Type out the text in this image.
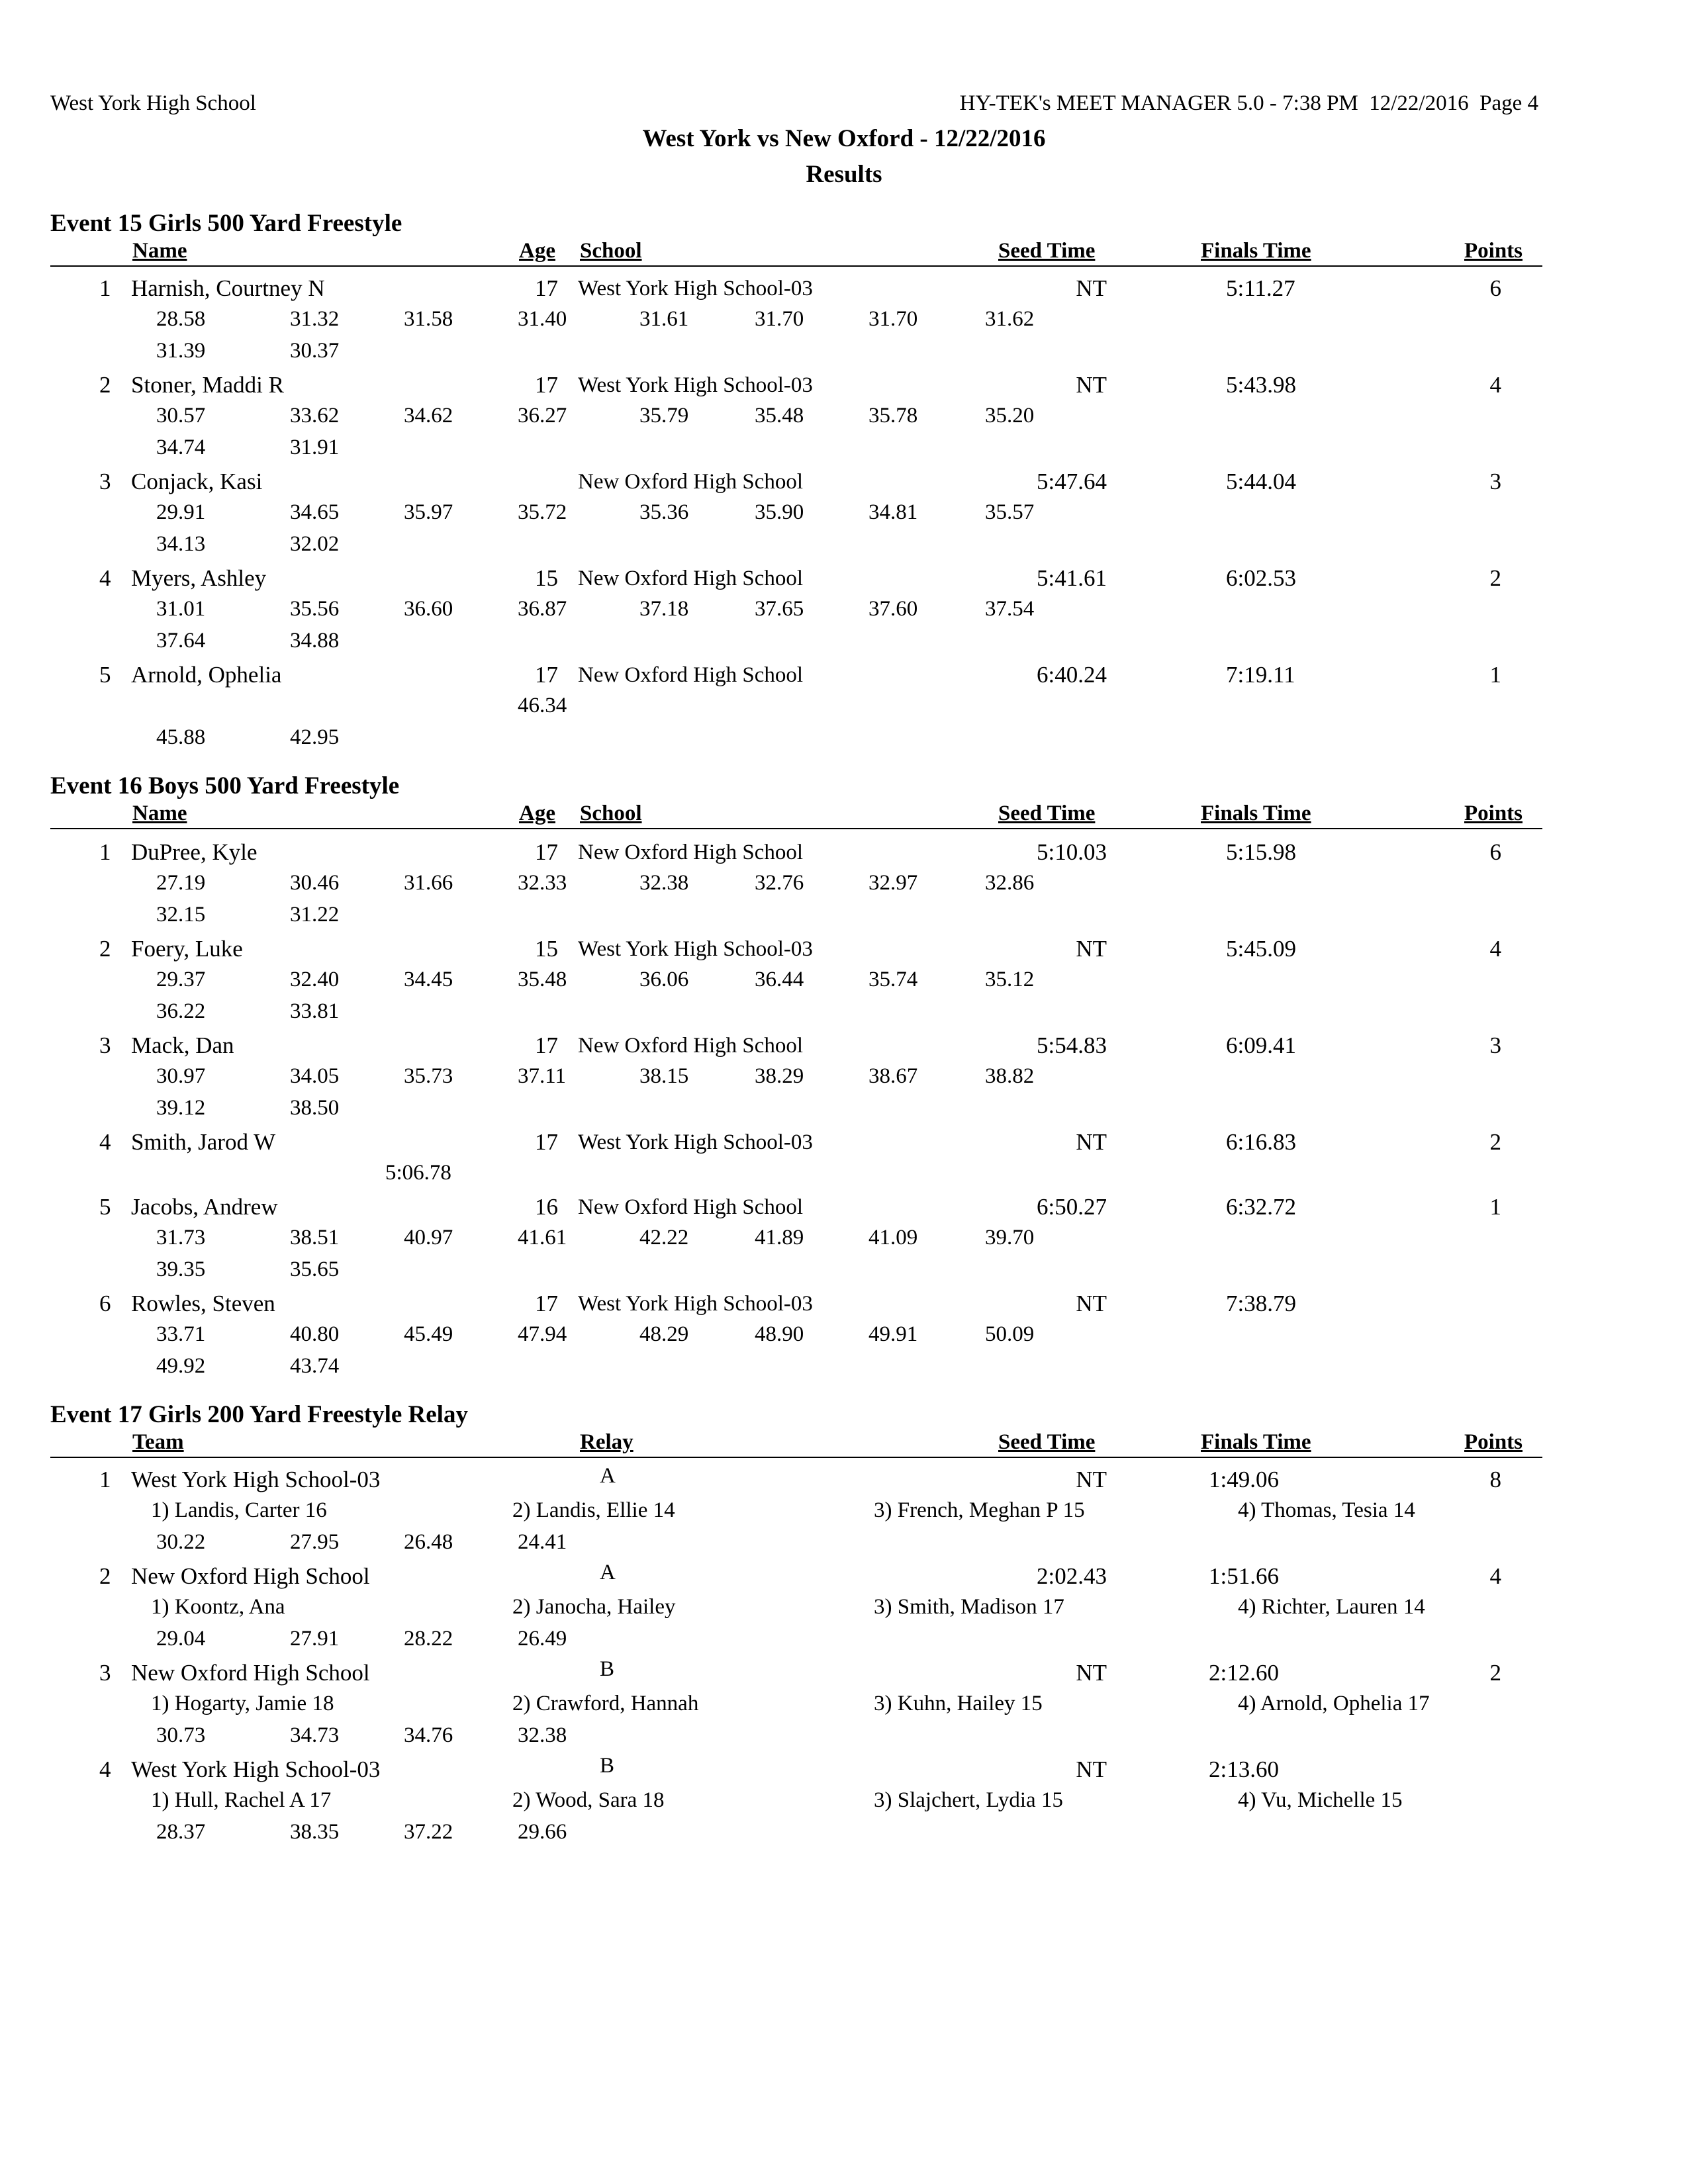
West York High School	HY-TEK's MEET MANAGER 5.0 - 7:38 PM  12/22/2016  Page 4
West York vs New Oxford - 12/22/2016
Results
Event 15 Girls 500 Yard Freestyle
Name	Age School	Seed Time	Finals Time	Points
1 Harnish, Courtney N	17 West York High School-03	NT	5:11.27	6
28.58	31.32	31.58	31.40	31.61	31.70	31.70	31.62
31.39	30.37
2 Stoner, Maddi R	17 West York High School-03	NT	5:43.98	4
30.57	33.62	34.62	36.27	35.79	35.48	35.78	35.20
34.74	31.91
3 Conjack, Kasi	New Oxford High School	5:47.64	5:44.04	3
29.91	34.65	35.97	35.72	35.36	35.90	34.81	35.57
34.13	32.02
4 Myers, Ashley	15 New Oxford High School	5:41.61	6:02.53	2
31.01	35.56	36.60	36.87	37.18	37.65	37.60	37.54
37.64	34.88
5 Arnold, Ophelia	17 New Oxford High School	6:40.24	7:19.11	1
46.34
45.88	42.95
Event 16 Boys 500 Yard Freestyle
Name	Age School	Seed Time	Finals Time	Points
1 DuPree, Kyle	17 New Oxford High School	5:10.03	5:15.98	6
27.19	30.46	31.66	32.33	32.38	32.76	32.97	32.86
32.15	31.22
2 Foery, Luke	15 West York High School-03	NT	5:45.09	4
29.37	32.40	34.45	35.48	36.06	36.44	35.74	35.12
36.22	33.81
3 Mack, Dan	17 New Oxford High School	5:54.83	6:09.41	3
30.97	34.05	35.73	37.11	38.15	38.29	38.67	38.82
39.12	38.50
4 Smith, Jarod W	17 West York High School-03	NT	6:16.83	2
5:06.78
5 Jacobs, Andrew	16 New Oxford High School	6:50.27	6:32.72	1
31.73	38.51	40.97	41.61	42.22	41.89	41.09	39.70
39.35	35.65
6 Rowles, Steven	17 West York High School-03	NT	7:38.79
33.71	40.80	45.49	47.94	48.29	48.90	49.91	50.09
49.92	43.74
Event 17 Girls 200 Yard Freestyle Relay
Team	Relay	Seed Time	Finals Time	Points
1 West York High School-03	A	NT	1:49.06	8
1) Landis, Carter 16	2) Landis, Ellie 14	3) French, Meghan P 15	4) Thomas, Tesia 14
30.22	27.95	26.48	24.41
2 New Oxford High School	A	2:02.43	1:51.66	4
1) Koontz, Ana	2) Janocha, Hailey	3) Smith, Madison 17	4) Richter, Lauren 14
29.04	27.91	28.22	26.49
3 New Oxford High School	B	NT	2:12.60	2
1) Hogarty, Jamie 18	2) Crawford, Hannah	3) Kuhn, Hailey 15	4) Arnold, Ophelia 17
30.73	34.73	34.76	32.38
4 West York High School-03	B	NT	2:13.60
1) Hull, Rachel A 17	2) Wood, Sara 18	3) Slajchert, Lydia 15	4) Vu, Michelle 15
28.37	38.35	37.22	29.66
